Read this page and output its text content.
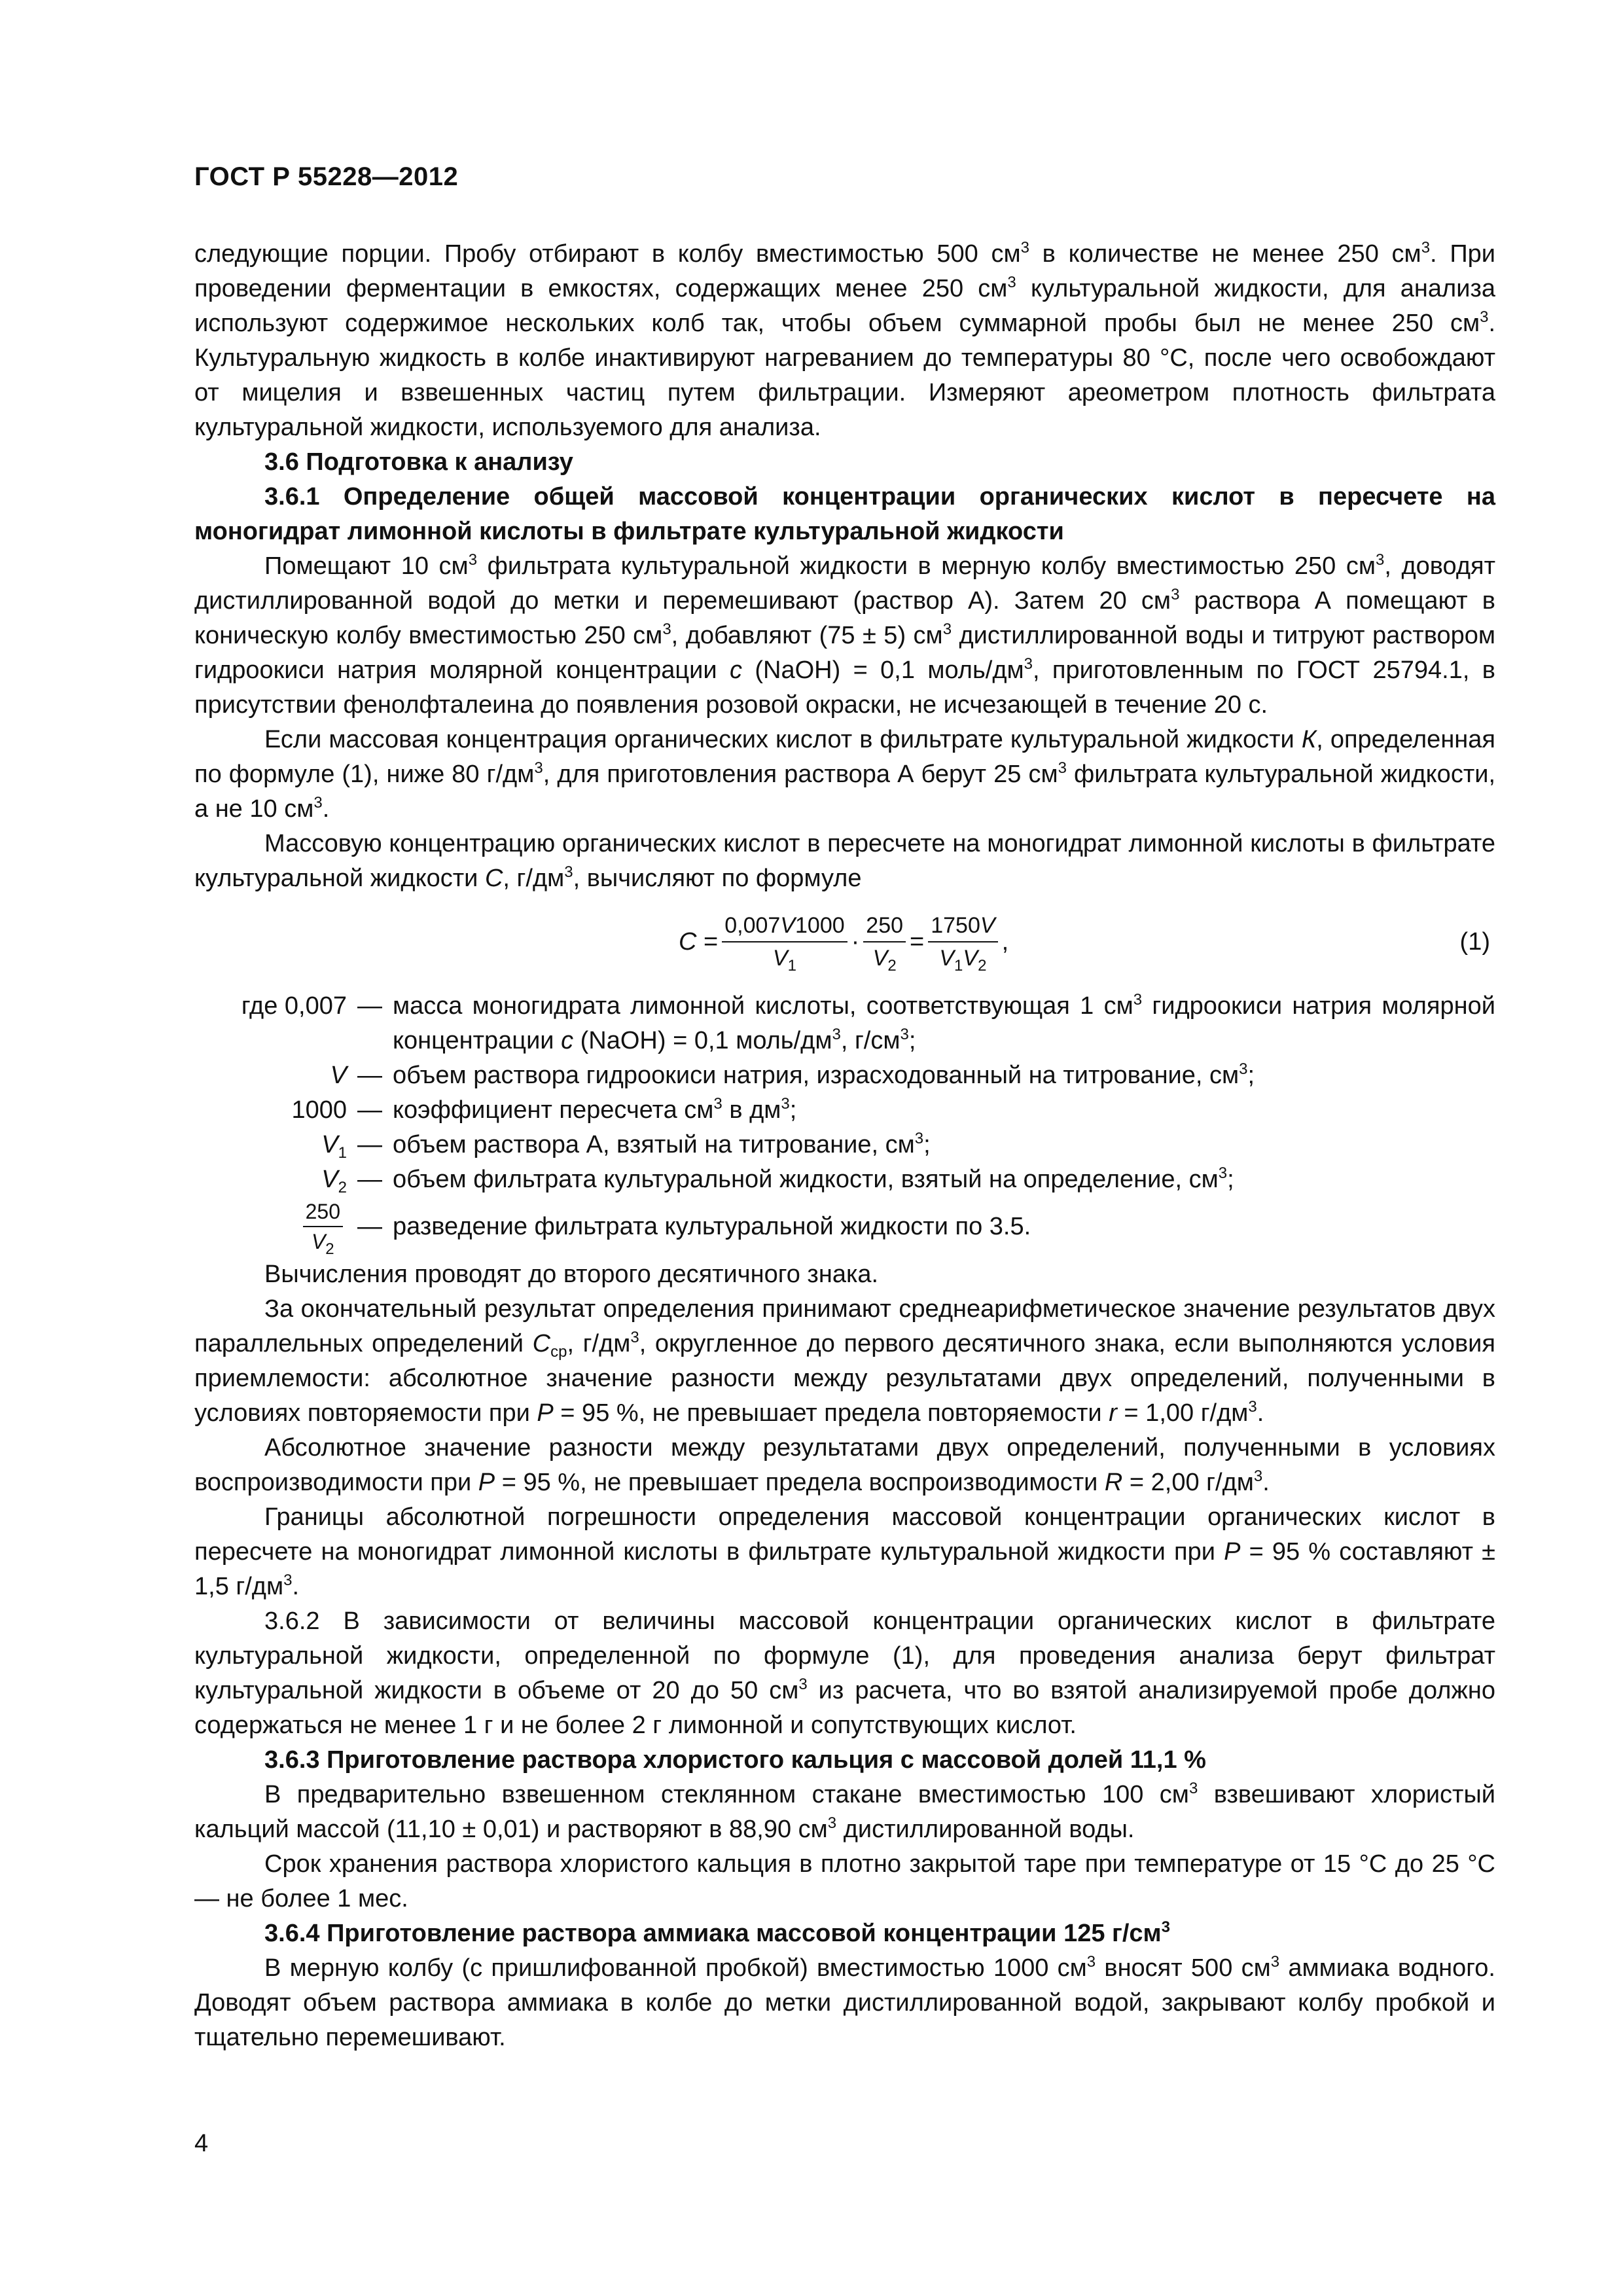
ГОСТ Р 55228—2012

следующие порции. Пробу отбирают в колбу вместимостью 500 $см^3$ в количестве не менее 250 $см^3$. При проведении ферментации в емкостях, содержащих менее 250 $см^3$ культуральной жидкости, для анализа используют содержимое нескольких колб так, чтобы объем суммарной пробы был не менее 250 $см^3$. Культуральную жидкость в колбе инактивируют нагреванием до температуры 80 °С, после чего освобождают от мицелия и взвешенных частиц путем фильтрации. Измеряют ареометром плотность фильтрата культуральной жидкости, используемого для анализа.

3.6 Подготовка к анализу

3.6.1 Определение общей массовой концентрации органических кислот в пересчете на моногидрат лимонной кислоты в фильтрате культуральной жидкости

Помещают 10 $см^3$ фильтрата культуральной жидкости в мерную колбу вместимостью 250 $см^3$, доводят дистиллированной водой до метки и перемешивают (раствор А). Затем 20 $см^3$ раствора А помещают в коническую колбу вместимостью 250 $см^3$, добавляют (75 ± 5) $см^3$ дистиллированной воды и титруют раствором гидроокиси натрия молярной концентрации с (NaOH) = 0,1 моль/$дм^3$, приготовленным по ГОСТ 25794.1, в присутствии фенолфталеина до появления розовой окраски, не исчезающей в течение 20 с.

Если массовая концентрация органических кислот в фильтрате культуральной жидкости К, определенная по формуле (1), ниже 80 $г/дм^3$, для приготовления раствора А берут 25 $см^3$ фильтрата культуральной жидкости, а не 10 $см^3$.

Массовую концентрацию органических кислот в пересчете на моногидрат лимонной кислоты в фильтрате культуральной жидкости С, $г/дм^3$, вычисляют по формуле

С
= $\frac{0,007V1000}{V_1} \cdot \frac{250}{V_2} = \frac{1750V}{V_1V_2}$ ,	(1)
где 0,007 — масса моногидрата лимонной кислоты, соответствующая 1 $см^3$ гидроокиси натрия молярной концентрации с (NaOH) = 0,1 моль/$дм^3$, $г/см^3$;
V — объем раствора гидроокиси натрия, израсходованный на титрование, $см^3$;
1000 — коэффициент пересчета $см^3$ в $дм^3$;
$V_1$ — объем раствора А, взятый на титрование, $см^3$;
$V_2$ — объем фильтрата культуральной жидкости, взятый на определение, $см^3$;
$\frac{250}{V_2}$ — разведение фильтрата культуральной жидкости по 3.5.

Вычисления проводят до второго десятичного знака.

За окончательный результат определения принимают среднеарифметическое значение результатов двух параллельных определений $С_{ср}$, $г/дм^3$, округленное до первого десятичного знака, если выполняются условия приемлемости: абсолютное значение разности между результатами двух определений, полученными в условиях повторяемости при Р = 95 %, не превышает предела повторяемости r = 1,00 $г/дм^3$.

Абсолютное значение разности между результатами двух определений, полученными в условиях воспроизводимости при Р = 95 %, не превышает предела воспроизводимости R = 2,00 $г/дм^3$.

Границы абсолютной погрешности определения массовой концентрации органических кислот в пересчете на моногидрат лимонной кислоты в фильтрате культуральной жидкости при Р = 95 % составляют ± 1,5 $г/дм^3$.

3.6.2 В зависимости от величины массовой концентрации органических кислот в фильтрате культуральной жидкости, определенной по формуле (1), для проведения анализа берут фильтрат культуральной жидкости в объеме от 20 до 50 $см^3$ из расчета, что во взятой анализируемой пробе должно содержаться не менее 1 г и не более 2 г лимонной и сопутствующих кислот.

3.6.3 Приготовление раствора хлористого кальция с массовой долей 11,1 %

В предварительно взвешенном стеклянном стакане вместимостью 100 $см^3$ взвешивают хлористый кальций массой (11,10 ± 0,01) и растворяют в 88,90 $см^3$ дистиллированной воды.

Срок хранения раствора хлористого кальция в плотно закрытой таре при температуре от 15 °С до 25 °С — не более 1 мес.

3.6.4 Приготовление раствора аммиака массовой концентрации 125 $г/см^3$

В мерную колбу (с пришлифованной пробкой) вместимостью 1000 $см^3$ вносят 500 $см^3$ аммиака водного. Доводят объем раствора аммиака в колбе до метки дистиллированной водой, закрывают колбу пробкой и тщательно перемешивают.

4
